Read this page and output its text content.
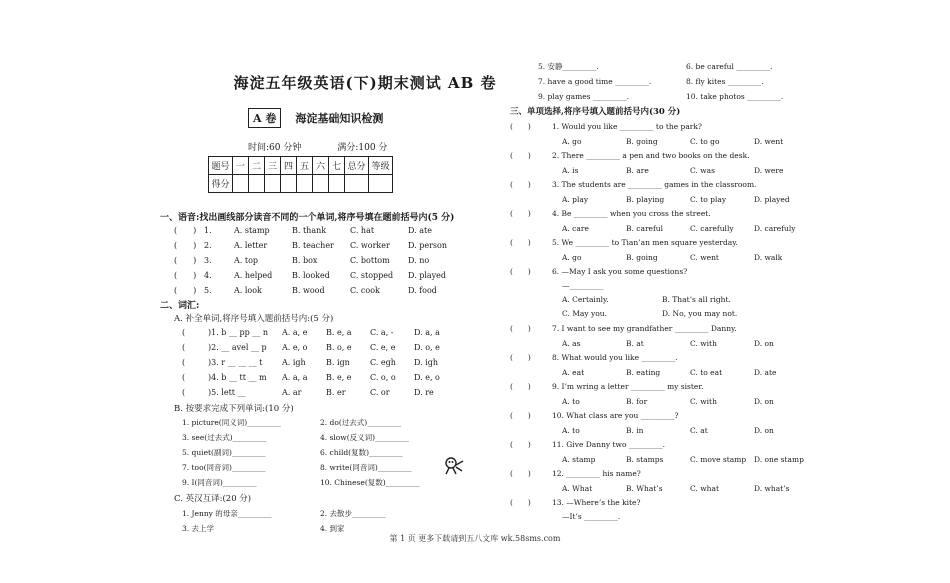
海淀五年级英语(下)期末测试 AB 卷
A 卷	海淀基础知识检测
时间:60 分钟	满分:100 分
题号	一	二	三	四	五	六	七	总分	等级
得分									
一、语音:找出画线部分读音不同的一个单词,将序号填在题前括号内(5 分)
(　　) 1.	A. stamp	B. thank	C. hat	D. ate
(　　) 2.	A. letter	B. teacher	C. worker	D. person
(　　) 3.	A. top	B. box	C. bottom	D. no
(　　) 4.	A. helped	B. looked	C. stopped	D. played
(　　) 5.	A. look	B. wood	C. cook	D. food
二、词汇:
A. 补全单词,将序号填入题前括号内:(5 分)
(	)1. b __ pp __ n	A. a, e	B. e, a	C. a, -	D. a, a
(	)2. __ avel __ p	A. e, o	B. o, e	C. e, e	D. o, e
(	)3. r __ __ __ t	A. igh	B. ign	C. egh	D. igh
(	)4. b __ tt __ m	A. a, a	B. e, e	C. o, o	D. e, o
(	)5. lett __	A. ar	B. er	C. or	D. re
B. 按要求完成下列单词:(10 分)
1. picture(同义词)_________	2. do(过去式)_________
3. see(过去式)_________	4. slow(反义词)_________
5. quiet(副词)_________	6. child(复数)_________
7. too(同音词)_________	8. write(同音词)_________
9. I(同音词)_________	10. Chinese(复数)_________
C. 英汉互译:(20 分)
1. Jenny 的母亲_________	2. 去散步_________
3. 去上学	4. 到家
5. 安静_________.	6. be careful _________.
7. have a good time _________.	8. fly kites _________.
9. play games _________.	10. take photos _________.
三、单项选择,将序号填入题前括号内(30 分)
(　　)	1. Would you like _________ to the park?
A. go	B. going	C. to go	D. went
(　　)	2. There _________ a pen and two books on the desk.
A. is	B. are	C. was	D. were
(　　)	3. The students are _________ games in the classroom.
A. play	B. playing	C. to play	D. played
(　　)	4. Be _________ when you cross the street.
A. care	B. careful	C. carefully	D. carefuly
(　　)	5. We _________ to Tian’an men square yesterday.
A. go	B. going	C. went	D. walk
(　　)	6. —May I ask you some questions?
—_________
A. Certainly.	B. That’s all right.
C. May you.	D. No, you may not.
(　　)	7. I want to see my grandfather _________ Danny.
A. as	B. at	C. with	D. on
(　　)	8. What would you like _________.
A. eat	B. eating	C. to eat	D. ate
(　　)	9. I’m wring a letter _________ my sister.
A. to	B. for	C. with	D. on
(　　)	10. What class are you _________?
A. to	B. in	C. at	D. on
(　　)	11. Give Danny two _________.
A. stamp	B. stamps	C. move stamp	D. one stamp
(　　)	12. _________ his name?
A. What	B. What’s	C. what	D. what’s
(　　)	13. —Where’s the kite?
—It’s _________.
第 1 页 更多下载请到五八文库 wk.58sms.com
